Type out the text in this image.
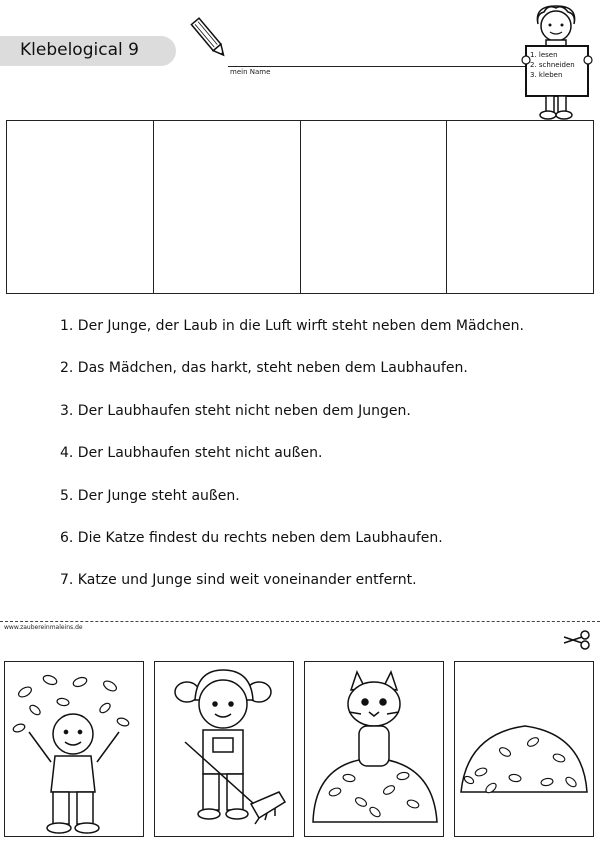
Klebelogical 9
mein Name
1. lesen
2. schneiden
3. kleben
1. Der Junge, der Laub in die Luft wirft steht neben dem Mädchen.
2. Das Mädchen, das harkt, steht neben dem Laubhaufen.
3. Der Laubhaufen steht nicht neben dem Jungen.
4. Der Laubhaufen steht nicht außen.
5. Der Junge steht außen.
6. Die Katze findest du rechts neben dem Laubhaufen.
7. Katze und Junge sind weit voneinander entfernt.
www.zaubereinmaleins.de
